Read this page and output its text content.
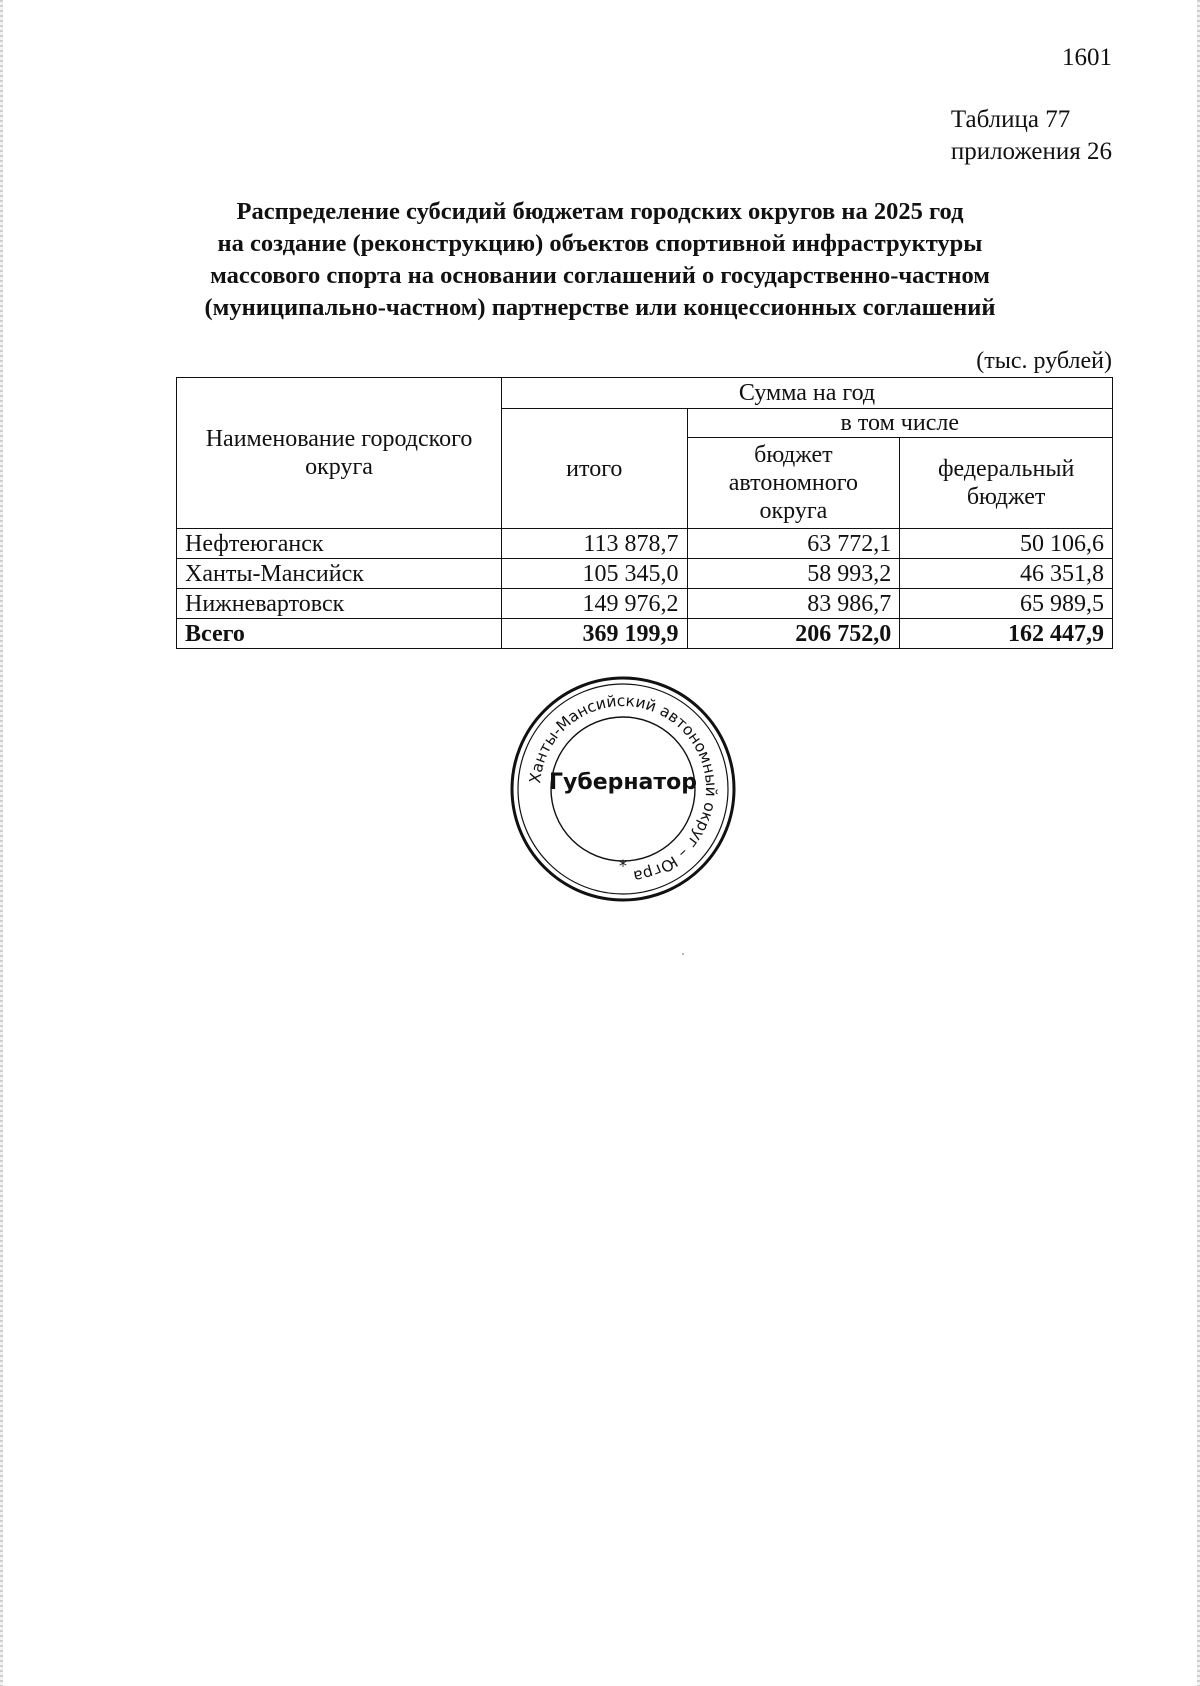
1601
Таблица 77
приложения 26
Распределение субсидий бюджетам городских округов на 2025 год
на создание (реконструкцию) объектов спортивной инфраструктуры
массового спорта на основании соглашений о государственно-частном
(муниципально-частном) партнерстве или концессионных соглашений
(тыс. рублей)
Наименование городского округа	Сумма на год		
	итого	в том числе	
		бюджет автономного округа	федеральный бюджет
Нефтеюганск	113 878,7	63 772,1	50 106,6
Ханты-Мансийск	105 345,0	58 993,2	46 351,8
Нижневартовск	149 976,2	83 986,7	65 989,5
Всего	369 199,9	206 752,0	162 447,9
Ханты-Мансийский автономный округ – Югра
Губернатор
*
